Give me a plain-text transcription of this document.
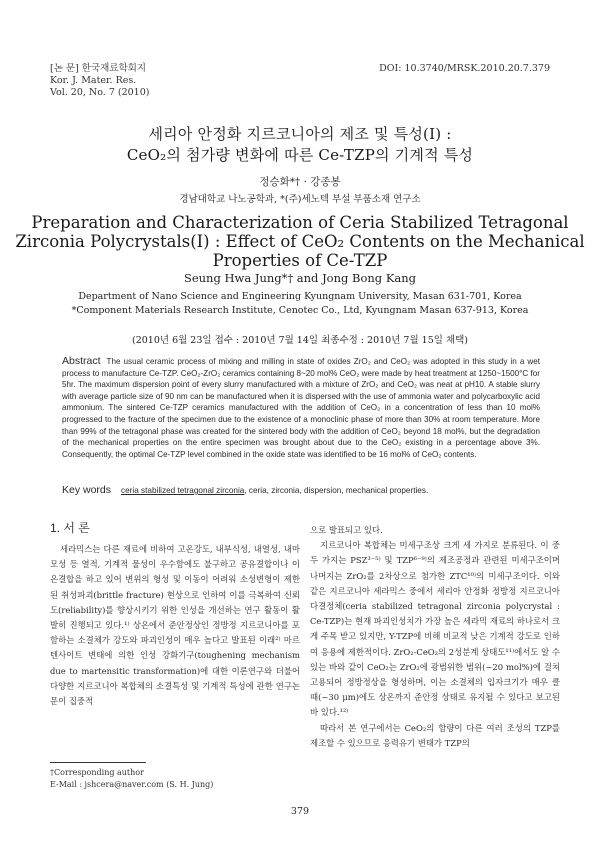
[논 문] 한국재료학회지
Kor. J. Mater. Res.
Vol. 20, No. 7 (2010)
DOI: 10.3740/MRSK.2010.20.7.379
세리아 안정화 지르코니아의 제조 및 특성(I) :
CeO₂의 첨가량 변화에 따른 Ce-TZP의 기계적 특성
정승화*† · 강종봉
경남대학교 나노공학과, *(주)세노텍 부설 부품소재 연구소
Preparation and Characterization of Ceria Stabilized Tetragonal
Zirconia Polycrystals(I) : Effect of CeO₂ Contents on the Mechanical
Properties of Ce-TZP
Seung Hwa Jung*† and Jong Bong Kang
Department of Nano Science and Engineering Kyungnam University, Masan 631-701, Korea
*Component Materials Research Institute, Cenotec Co., Ltd, Kyungnam Masan 637-913, Korea
(2010년 6월 23일 접수 : 2010년 7월 14일 최종수정 : 2010년 7월 15일 채택)
Abstract The usual ceramic process of mixing and milling in state of oxides ZrO₂ and CeO₂ was adopted in this study in a wet process to manufacture Ce-TZP. CeO₂-ZrO₂ ceramics containing 8~20 mol% CeO₂ were made by heat treatment at 1250~1500°C for 5hr. The maximum dispersion point of every slurry manufactured with a mixture of ZrO₂ and CeO₂ was neat at pH10. A stable slurry with average particle size of 90 nm can be manufactured when it is dispersed with the use of ammonia water and polycarboxylic acid ammonium. The sintered Ce-TZP ceramics manufactured with the addition of CeO₂ in a concentration of less than 10 mol% progressed to the fracture of the specimen due to the existence of a monoclinic phase of more than 30% at room temperature. More than 99% of the tetragonal phase was created for the sintered body with the addition of CeO₂ beyond 18 mol%, but the degradation of the mechanical properties on the entire specimen was brought about due to the CeO₂ existing in a percentage above 3%. Consequently, the optimal Ce-TZP level combined in the oxide state was identified to be 16 mol% of CeO₂ contents.
Key words ceria stabilized tetragonal zirconia, ceria, zirconia, dispersion, mechanical properties.
1. 서 론

세라믹스는 다른 재료에 비하여 고온강도, 내부식성, 내열성, 내마모성 등 열적, 기계적 물성이 우수함에도 불구하고 공유결합이나 이온결합을 하고 있어 변위의 형성 및 이동이 어려워 소성변형이 제한된 취성파괴(brittle fracture) 현상으로 인하여 이를 극복하여 신뢰도(reliability)를 향상시키기 위한 인성을 개선하는 연구 활동이 활발히 진행되고 있다.¹⁾ 상온에서 준안정상인 정방정 지르코니아를 포함하는 소결체가 강도와 파괴인성이 매우 높다고 발표된 이래²⁾ 마르텐사이트 변태에 의한 인성 강화기구(toughening mechanism due to martensitic transformation)에 대한 이론연구와 더불어 다양한 지르코니아 복합체의 소결특성 및 기계적 특성에 관한 연구논문이 집중적

으로 발표되고 있다.

지르코니아 복합체는 미세구조상 크게 세 가지로 분류된다. 이 중 두 가지는 PSZ³⁻⁵⁾ 및 TZP⁶⁻⁹⁾의 제조공정과 관련된 미세구조이며 나머지는 ZrO₂를 2차상으로 첨가한 ZTC¹⁰⁾의 미세구조이다. 이와 같은 지르코니아 세라믹스 중에서 세리아 안정화 정방정 지르코니아 다결정체(ceria stabilized tetragonal zirconia polycrystal : Ce-TZP)는 현재 파괴인성치가 가장 높은 세라믹 재료의 하나로서 크게 주목 받고 있지만, Y-TZP에 비해 비교적 낮은 기계적 강도로 인하여 응용에 제한적이다. ZrO₂-CeO₂의 2성분계 상태도¹¹⁾에서도 알 수 있는 바와 같이 CeO₂는 ZrO₂에 광범위한 범위(~20 mol%)에 걸쳐 고용되어 정방정상을 형성하며, 이는 소결체의 입자크기가 매우 클 때(~30 μm)에도 상온까지 준안정 상태로 유지될 수 있다고 보고된 바 있다.¹²⁾

따라서 본 연구에서는 CeO₂의 함량이 다른 여러 조성의 TZP를 제조할 수 있으므로 응력유기 변태가 TZP의

†Corresponding author
E-Mail : jshcera@naver.com (S. H. Jung)
379
